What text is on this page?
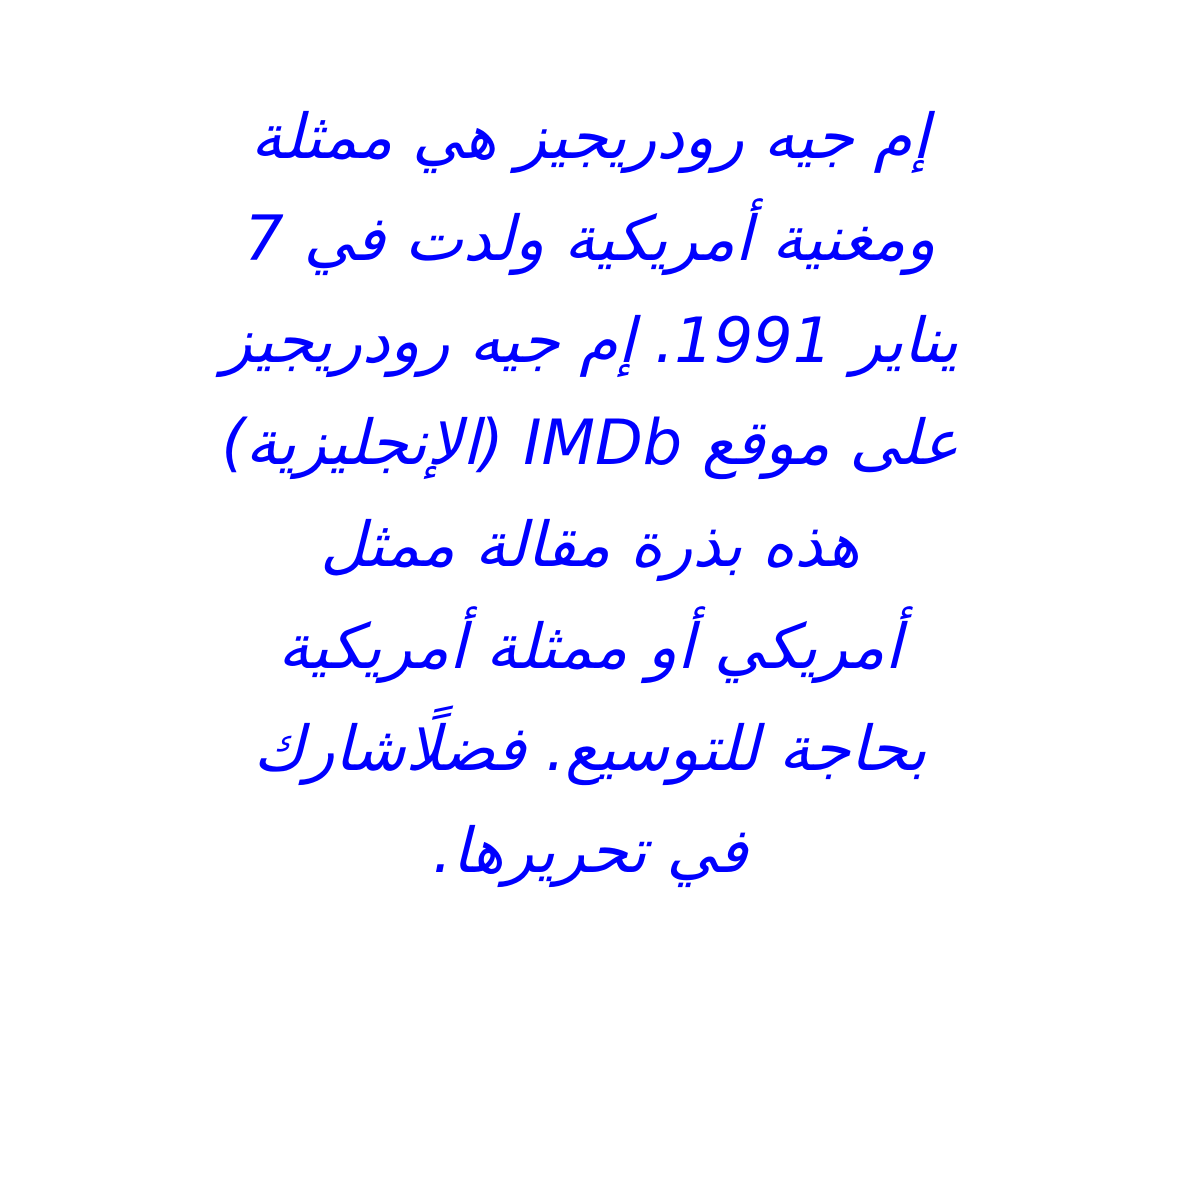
إم جيه رودريجيز هي ممثلة
ومغنية أمريكية ولدت في 7
يناير 1991. إم جيه رودريجيز
على موقع IMDb (الإنجليزية)
هذه بذرة مقالة ممثل
أمريكي أو ممثلة أمريكية
بحاجة للتوسيع. فضلًاشارك
في تحريرها.
